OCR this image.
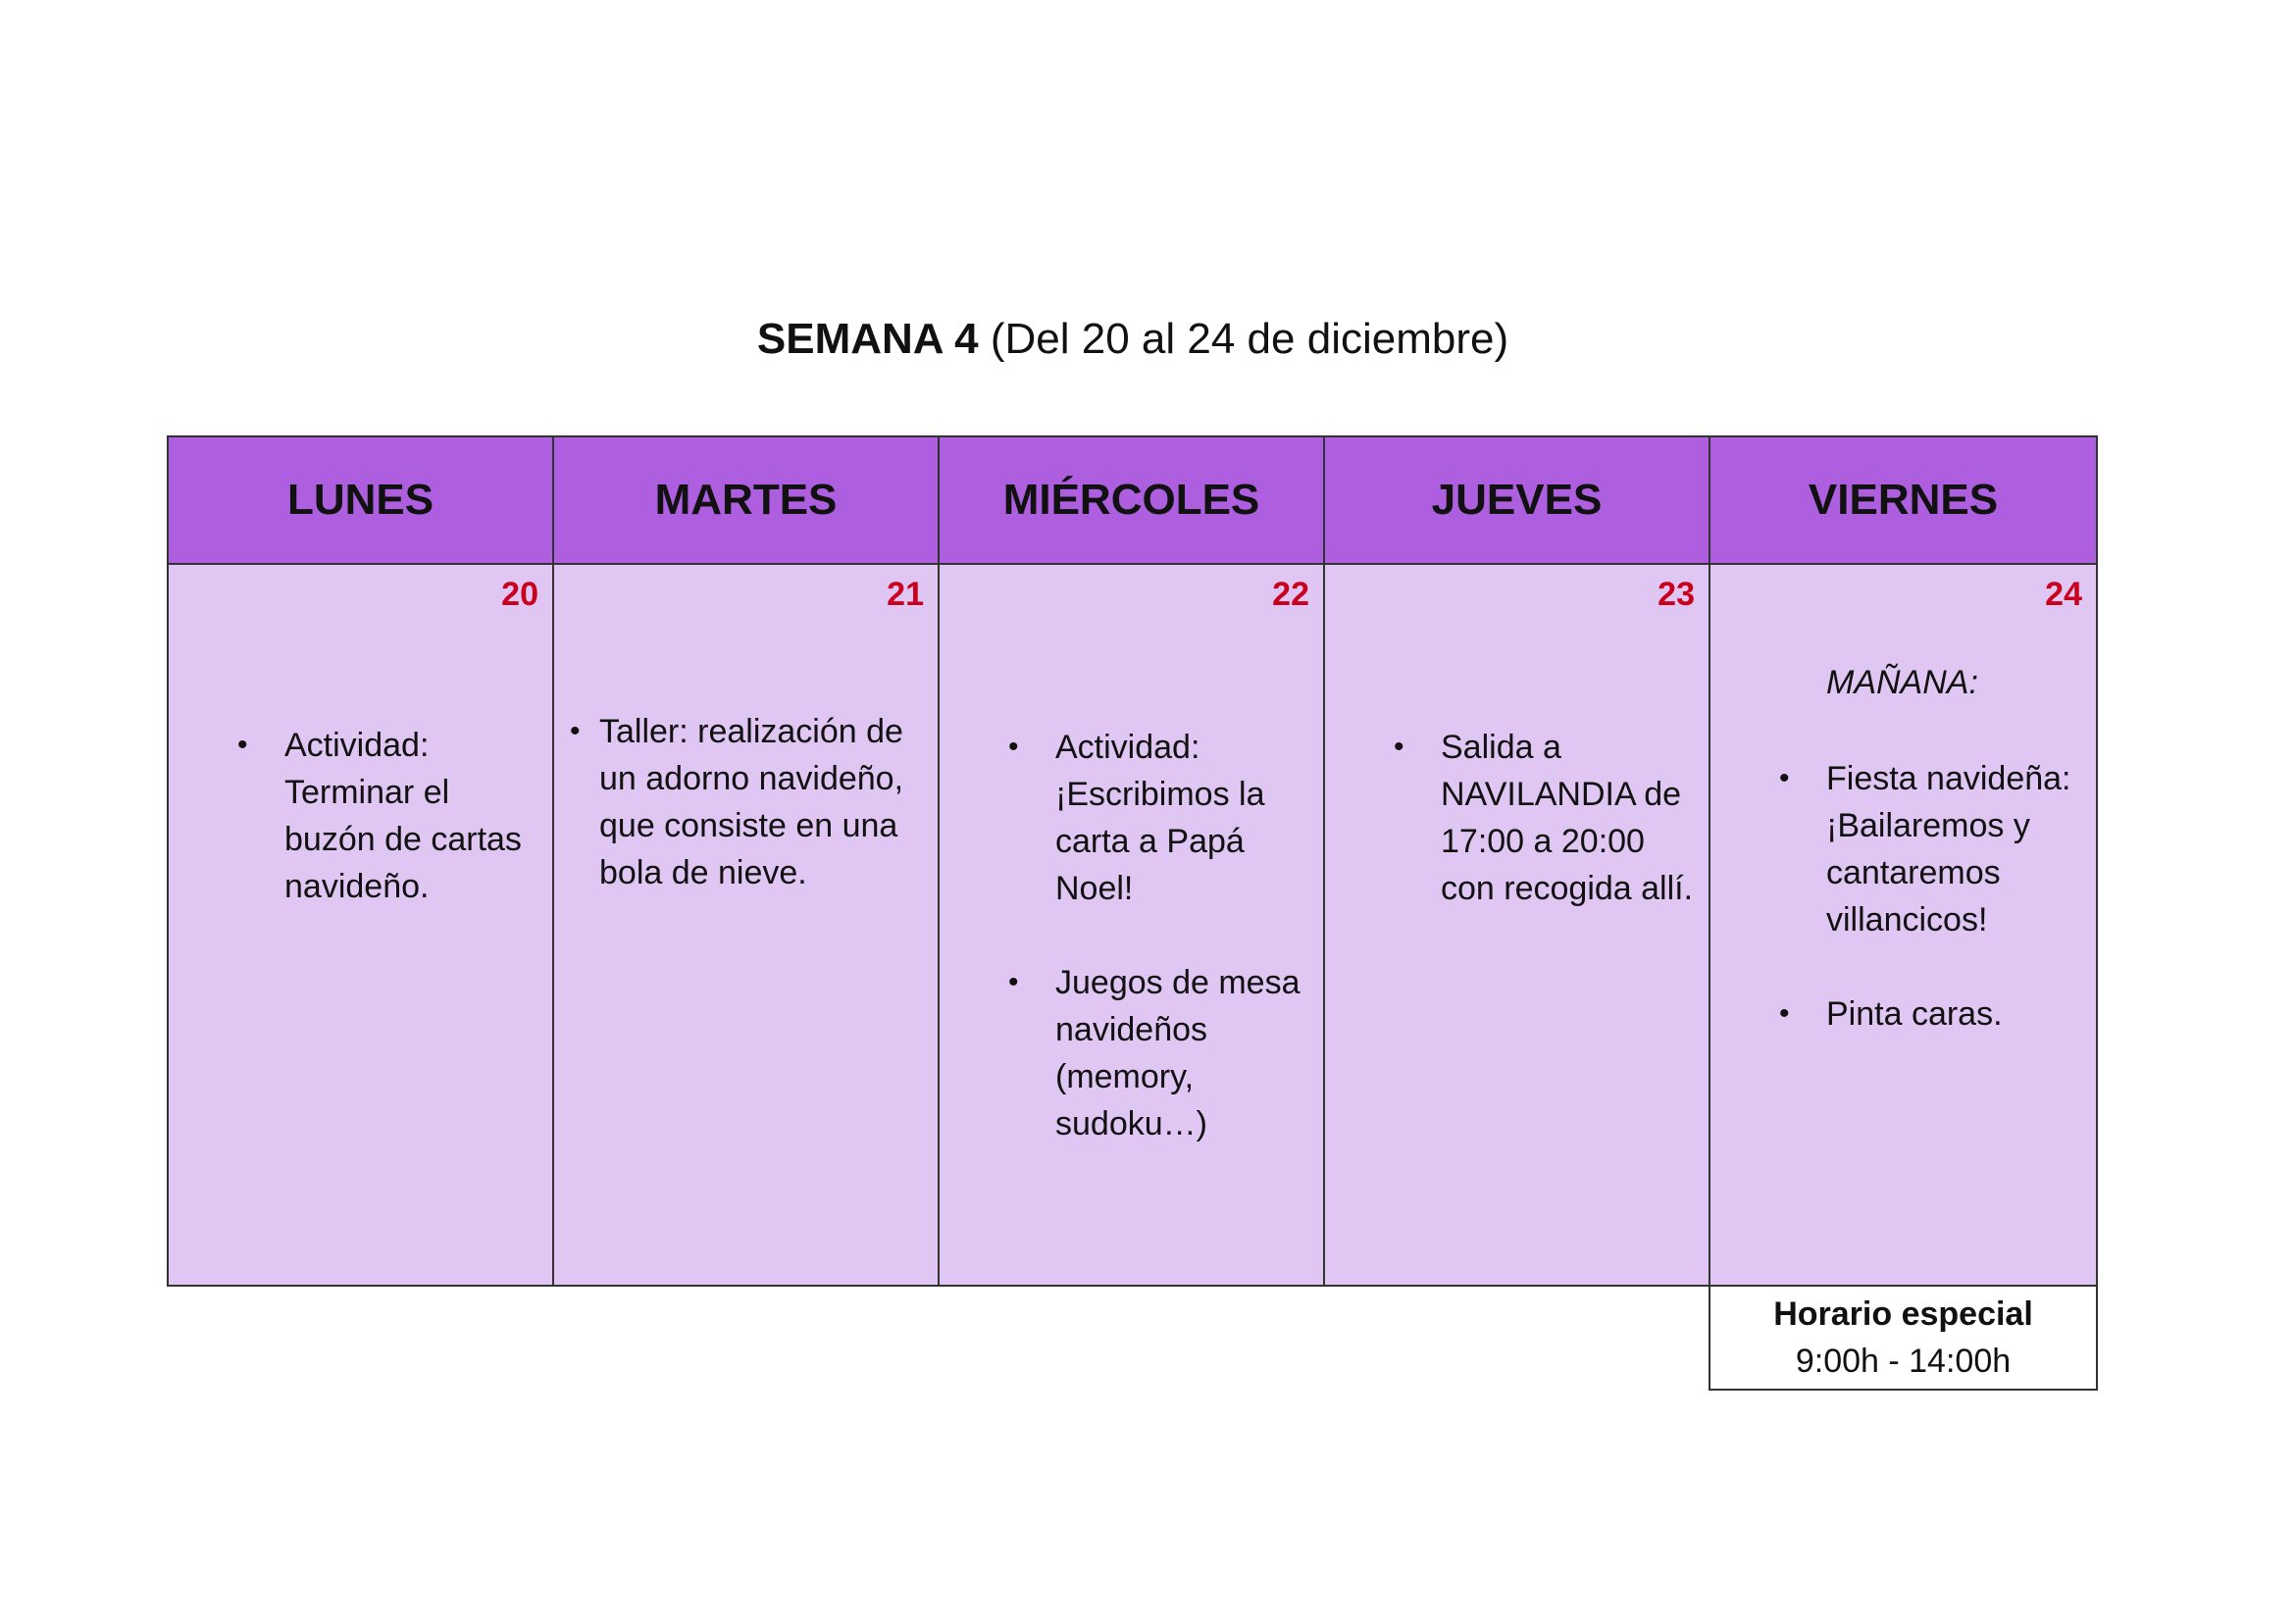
SEMANA 4 (Del 20 al 24 de diciembre)
LUNES	MARTES	MIÉRCOLES	JUEVES	VIERNES
20
• Actividad: Terminar el buzón de cartas navideño.
21
• Taller: realización de un adorno navideño, que consiste en una bola de nieve.
22
• Actividad: ¡Escribimos la carta a Papá Noel!
• Juegos de mesa navideños (memory, sudoku…)
23
• Salida a NAVILANDIA de 17:00 a 20:00 con recogida allí.
24
MAÑANA:
• Fiesta navideña: ¡Bailaremos y cantaremos villancicos!
• Pinta caras.
Horario especial
9:00h - 14:00h
